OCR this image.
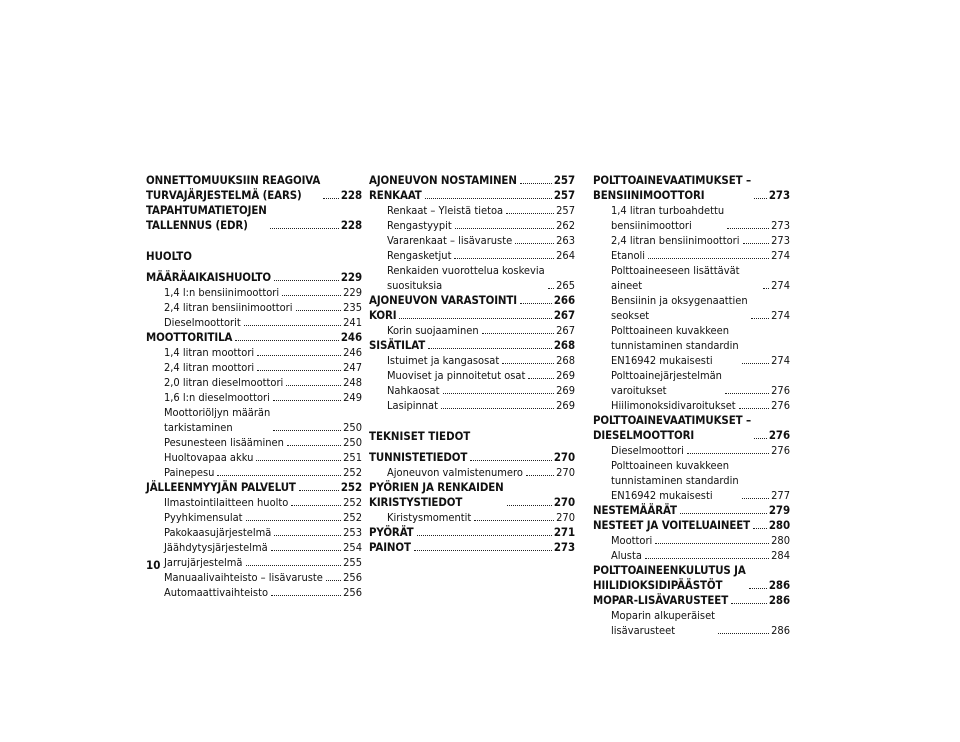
ONNETTOMUUKSIIN REAGOIVA
TURVAJÄRJESTELMÄ (EARS)	228
TAPAHTUMATIETOJEN
TALLENNUS (EDR)	228
HUOLTO
MÄÄRÄAIKAISHUOLTO	229
1,4 l:n bensiinimoottori	229
2,4 litran bensiinimoottori	235
Dieselmoottorit	241
MOOTTORITILA	246
1,4 litran moottori	246
2,4 litran moottori	247
2,0 litran dieselmoottori	248
1,6 l:n dieselmoottori	249
Moottoriöljyn määrän
tarkistaminen	250
Pesunesteen lisääminen	250
Huoltovapaa akku	251
Painepesu	252
JÄLLEENMYYJÄN PALVELUT	252
Ilmastointilaitteen huolto	252
Pyyhkimensulat	252
Pakokaasujärjestelmä	253
Jäähdytysjärjestelmä	254
Jarrujärjestelmä	255
Manuaalivaihteisto – lisävaruste 256
Automaattivaihteisto	256
AJONEUVON NOSTAMINEN	257
RENKAAT	257
Renkaat – Yleistä tietoa	257
Rengastyypit	262
Vararenkaat – lisävaruste	263
Rengasketjut	264
Renkaiden vuorottelua koskevia
suosituksia	265
AJONEUVON VARASTOINTI	266
KORI	267
Korin suojaaminen	267
SISÄTILAT	268
Istuimet ja kangasosat	268
Muoviset ja pinnoitetut osat	269
Nahkaosat	269
Lasipinnat	269
TEKNISET TIEDOT
TUNNISTETIEDOT	270
Ajoneuvon valmistenumero	270
PYÖRIEN JA RENKAIDEN
KIRISTYSTIEDOT	270
Kiristysmomentit	270
PYÖRÄT	271
PAINOT	273
POLTTOAINEVAATIMUKSET –
BENSIINIMOOTTORI	273
1,4 litran turboahdettu
bensiinimoottori	273
2,4 litran bensiinimoottori	273
Etanoli	274
Polttoaineeseen lisättävät aineet	274
Bensiinin ja oksygenaattien
seokset	274
Polttoaineen kuvakkeen
tunnistaminen standardin
EN16942 mukaisesti	274
Polttoainejärjestelmän
varoitukset	276
Hiilimonoksidivaroitukset	276
POLTTOAINEVAATIMUKSET –
DIESELMOOTTORI	276
Dieselmoottori	276
Polttoaineen kuvakkeen
tunnistaminen standardin
EN16942 mukaisesti	277
NESTEMÄÄRÄT	279
NESTEET JA VOITELUAINEET 280
Moottori	280
Alusta	284
POLTTOAINEENKULUTUS JA
HIILIDIOKSIDIPÄÄSTÖT	286
MOPAR-LISÄVARUSTEET	286
Moparin alkuperäiset
lisävarusteet	286
10
